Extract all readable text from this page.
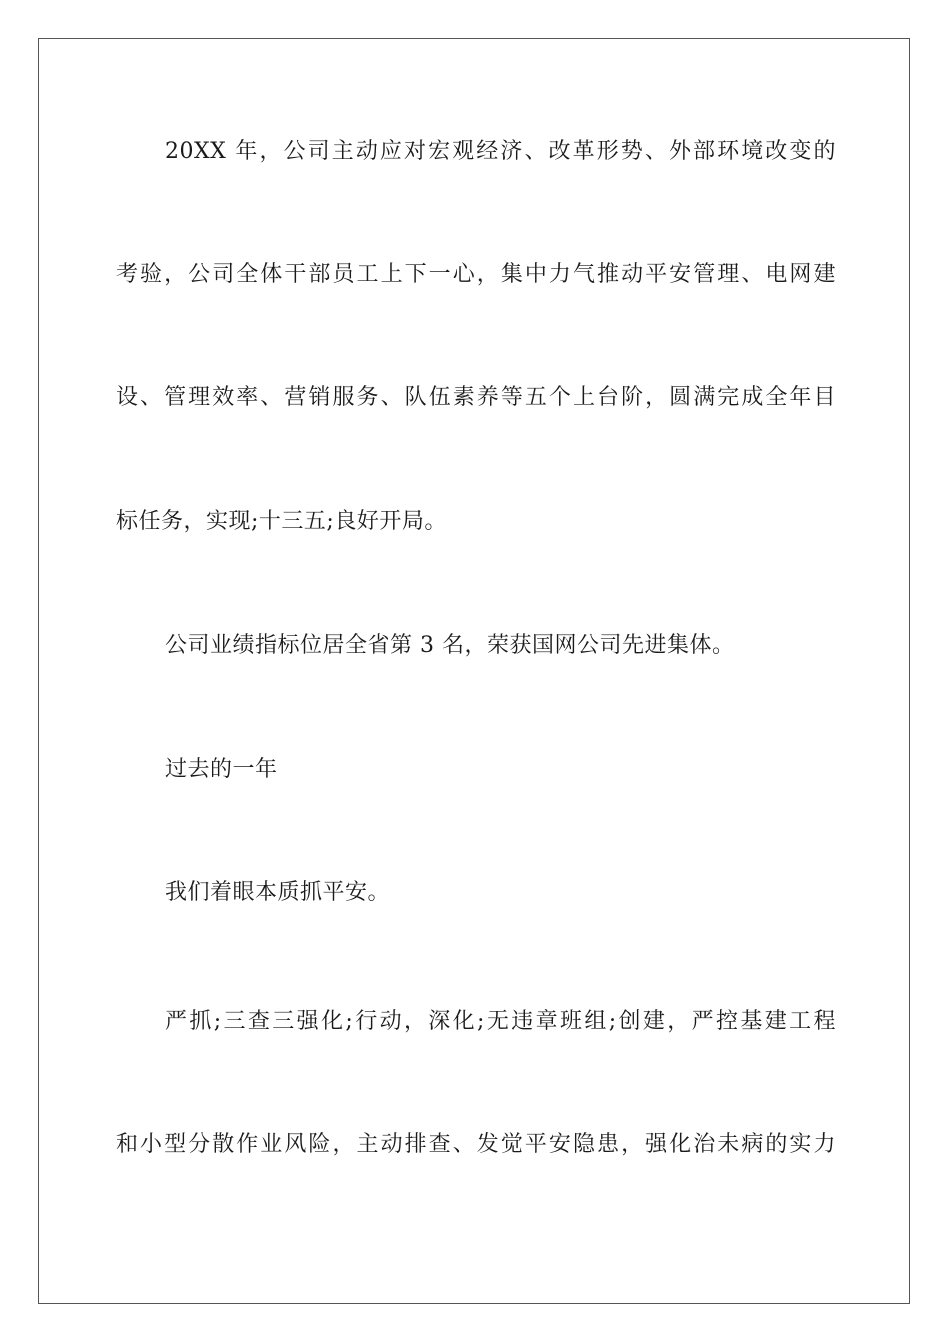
20XX 年，公司主动应对宏观经济、改革形势、外部环境改变的
考验，公司全体干部员工上下一心，集中力气推动平安管理、电网建
设、管理效率、营销服务、队伍素养等五个上台阶，圆满完成全年目
标任务，实现;十三五;良好开局。
公司业绩指标位居全省第 3 名，荣获国网公司先进集体。
过去的一年
我们着眼本质抓平安。
严抓;三查三强化;行动，深化;无违章班组;创建，严控基建工程
和小型分散作业风险，主动排查、发觉平安隐患，强化治未病的实力
